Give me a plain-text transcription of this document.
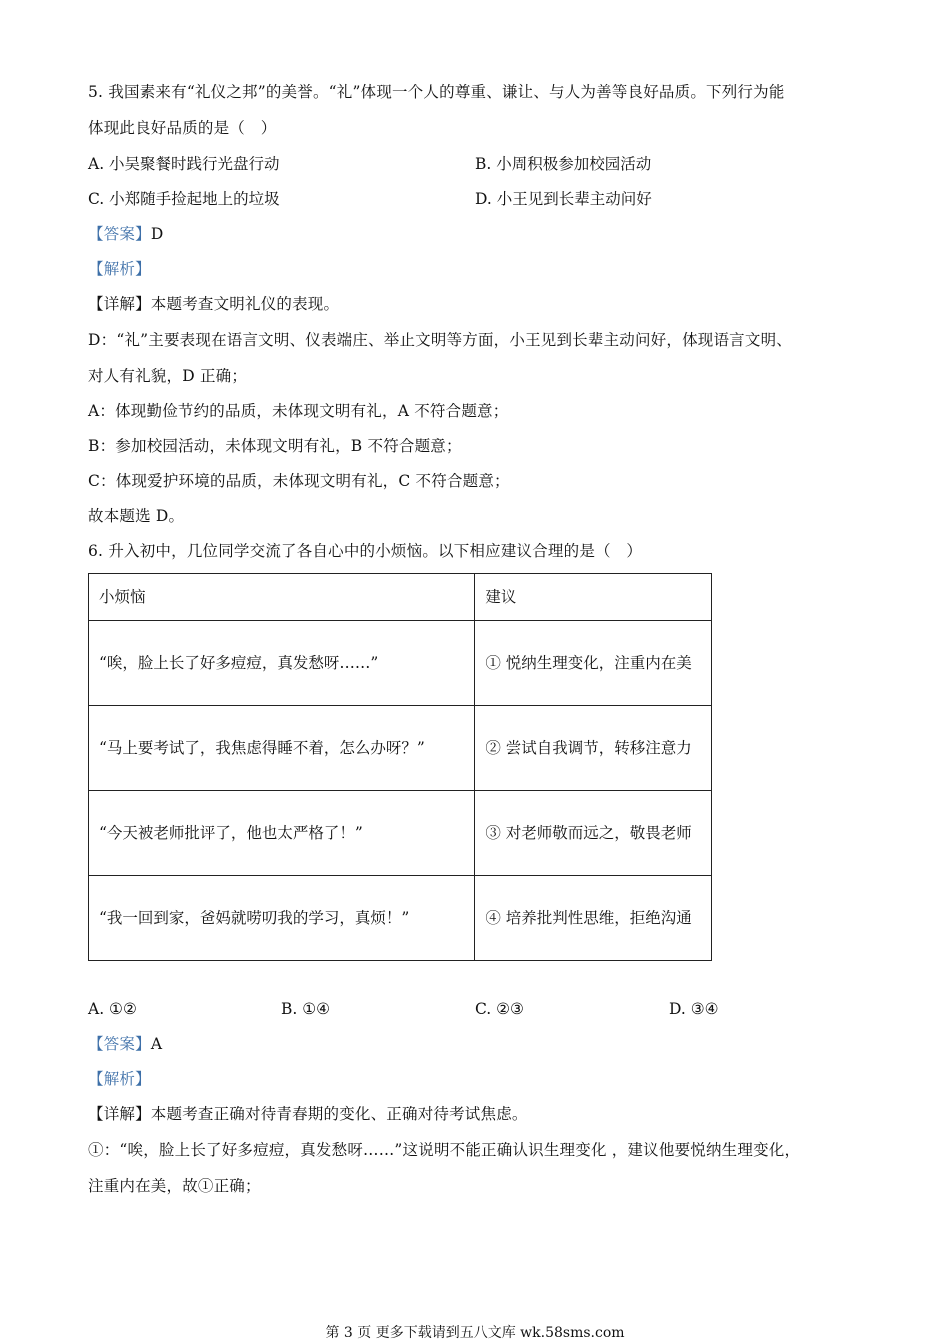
5. 我国素来有“礼仪之邦”的美誉。“礼”体现一个人的尊重、谦让、与人为善等良好品质。下列行为能
体现此良好品质的是（　）
A. 小吴聚餐时践行光盘行动	B. 小周积极参加校园活动
C. 小郑随手捡起地上的垃圾	D. 小王见到长辈主动问好
【答案】D
【解析】
【详解】本题考查文明礼仪的表现。
D：“礼”主要表现在语言文明、仪表端庄、举止文明等方面，小王见到长辈主动问好，体现语言文明、
对人有礼貌，D 正确；
A：体现勤俭节约的品质，未体现文明有礼，A 不符合题意；
B：参加校园活动，未体现文明有礼，B 不符合题意；
C：体现爱护环境的品质，未体现文明有礼，C 不符合题意；
故本题选 D。
6. 升入初中，几位同学交流了各自心中的小烦恼。以下相应建议合理的是（　）
小烦恼	建议
“唉，脸上长了好多痘痘，真发愁呀……”	① 悦纳生理变化，注重内在美
“马上要考试了，我焦虑得睡不着，怎么办呀？”	② 尝试自我调节，转移注意力
“今天被老师批评了，他也太严格了！”	③ 对老师敬而远之，敬畏老师
“我一回到家，爸妈就唠叨我的学习，真烦！”	④ 培养批判性思维，拒绝沟通
A. ①②	B. ①④	C. ②③	D. ③④
【答案】A
【解析】
【详解】本题考查正确对待青春期的变化、正确对待考试焦虑。
①：“唉，脸上长了好多痘痘，真发愁呀……”这说明不能正确认识生理变化 ，建议他要悦纳生理变化，
注重内在美，故①正确；
第 3 页 更多下载请到五八文库 wk.58sms.com
